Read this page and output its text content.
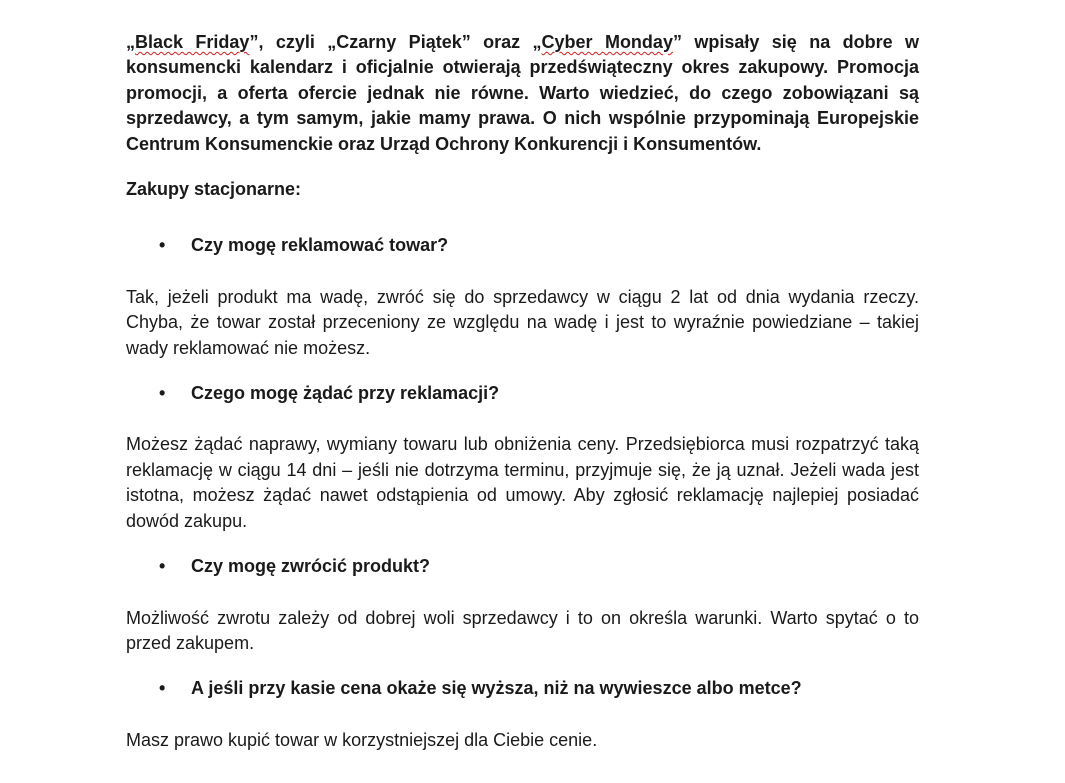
„Black Friday”, czyli „Czarny Piątek” oraz „Cyber Monday” wpisały się na dobre w konsumencki kalendarz i oficjalnie otwierają przedświąteczny okres zakupowy. Promocja promocji, a oferta ofercie jednak nie równe. Warto wiedzieć, do czego zobowiązani są sprzedawcy, a tym samym, jakie mamy prawa. O nich wspólnie przypominają Europejskie Centrum Konsumenckie oraz Urząd Ochrony Konkurencji i Konsumentów.

Zakupy stacjonarne:

•	Czy mogę reklamować towar?

Tak, jeżeli produkt ma wadę, zwróć się do sprzedawcy w ciągu 2 lat od dnia wydania rzeczy. Chyba, że towar został przeceniony ze względu na wadę i jest to wyraźnie powiedziane – takiej wady reklamować nie możesz.

•	Czego mogę żądać przy reklamacji?

Możesz żądać naprawy, wymiany towaru lub obniżenia ceny. Przedsiębiorca musi rozpatrzyć taką reklamację w ciągu 14 dni – jeśli nie dotrzyma terminu, przyjmuje się, że ją uznał. Jeżeli wada jest istotna, możesz żądać nawet odstąpienia od umowy. Aby zgłosić reklamację najlepiej posiadać dowód zakupu.

•	Czy mogę zwrócić produkt?

Możliwość zwrotu zależy od dobrej woli sprzedawcy i to on określa warunki. Warto spytać o to przed zakupem.

•	A jeśli przy kasie cena okaże się wyższa, niż na wywieszce albo metce?

Masz prawo kupić towar w korzystniejszej dla Ciebie cenie.
